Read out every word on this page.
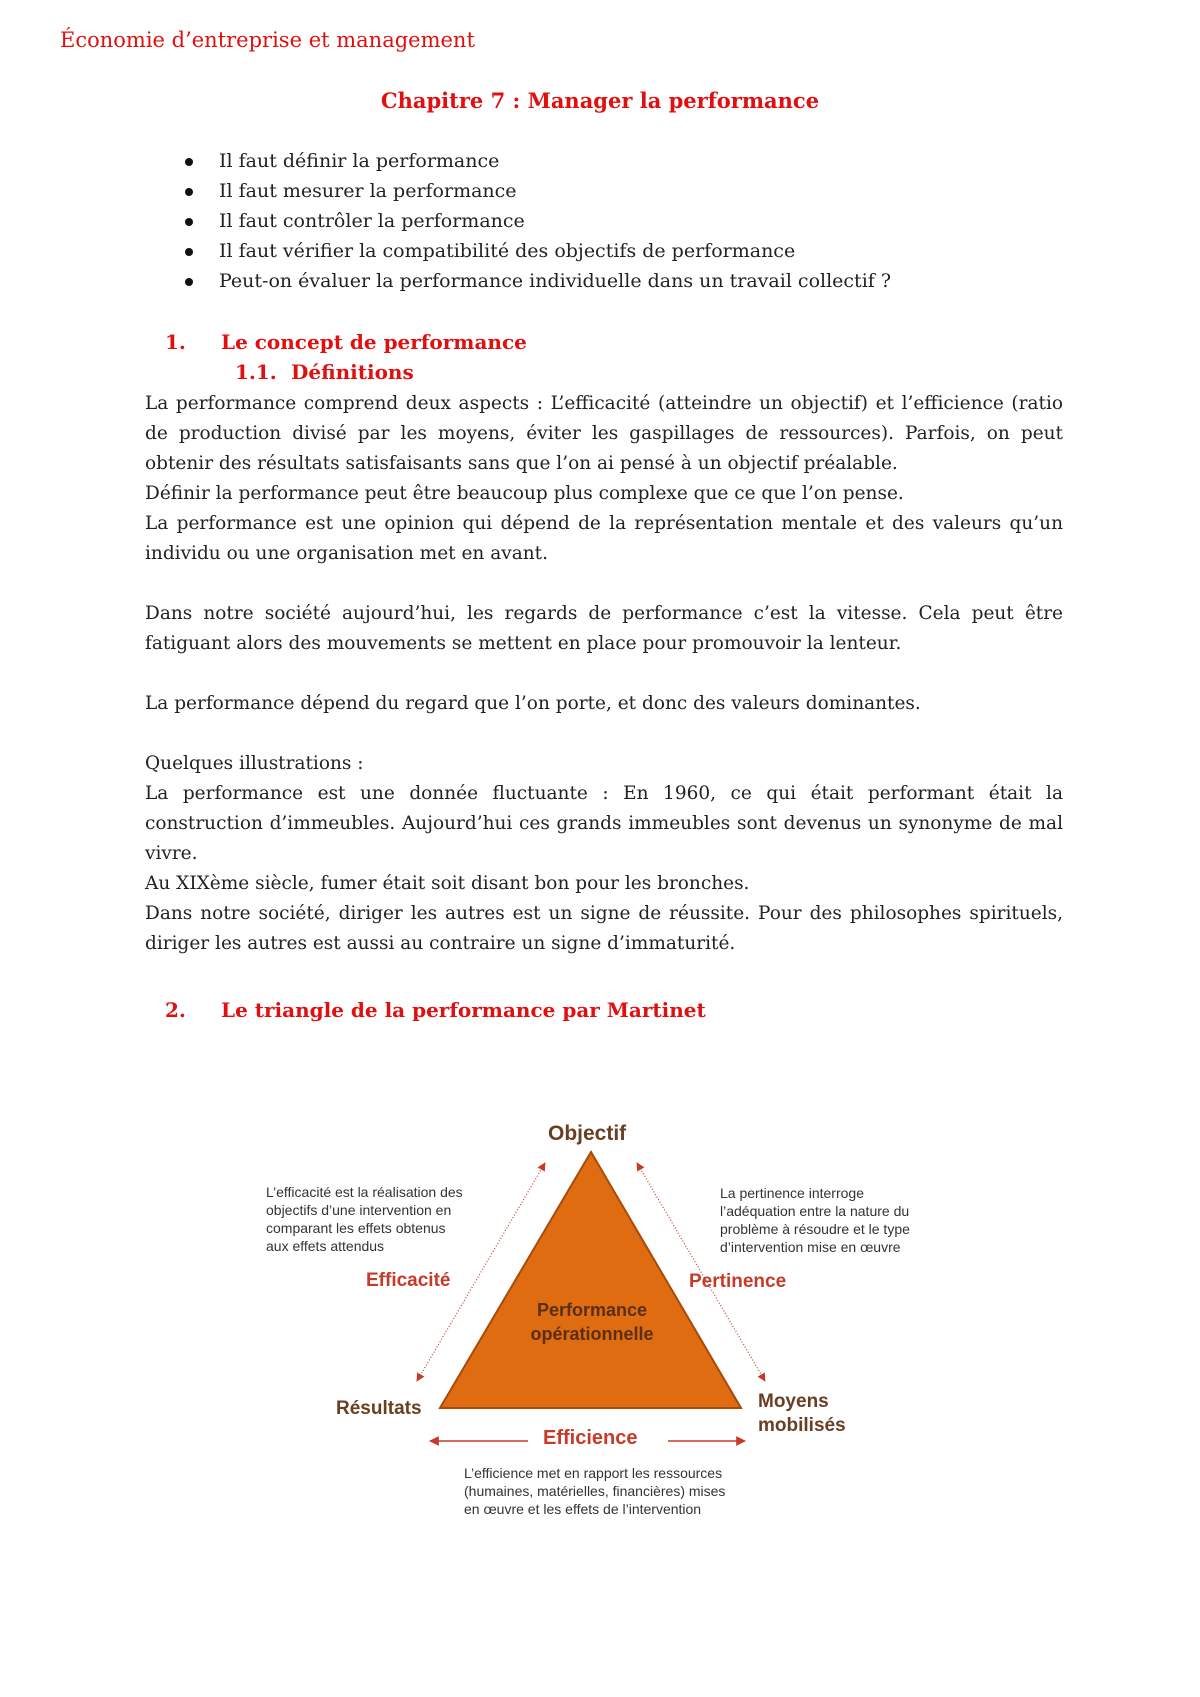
Économie d’entreprise et management
Chapitre 7 : Manager la performance
Il faut définir la performance
Il faut mesurer la performance
Il faut contrôler la performance
Il faut vérifier la compatibilité des objectifs de performance
Peut-on évaluer la performance individuelle dans un travail collectif ?
1. Le concept de performance
1.1. Définitions

La performance comprend deux aspects : L’efficacité (atteindre un objectif) et l’efficience (ratio de production divisé par les moyens, éviter les gaspillages de ressources). Parfois, on peut obtenir des résultats satisfaisants sans que l’on ai pensé à un objectif préalable.

Définir la performance peut être beaucoup plus complexe que ce que l’on pense.

La performance est une opinion qui dépend de la représentation mentale et des valeurs qu’un individu ou une organisation met en avant.

Dans notre société aujourd’hui, les regards de performance c’est la vitesse. Cela peut être fatiguant alors des mouvements se mettent en place pour promouvoir la lenteur.

La performance dépend du regard que l’on porte, et donc des valeurs dominantes.

Quelques illustrations :

La performance est une donnée fluctuante : En 1960, ce qui était performant était la construction d’immeubles. Aujourd’hui ces grands immeubles sont devenus un synonyme de mal vivre.

Au XIXème siècle, fumer était soit disant bon pour les bronches.

Dans notre société, diriger les autres est un signe de réussite. Pour des philosophes spirituels, diriger les autres est aussi au contraire un signe d’immaturité.

2. Le triangle de la performance par Martinet
Objectif
Performance
opérationnelle
Efficacité	Pertinence
Efficience
Résultats	Moyens
mobilisés
L’efficacité est la réalisation des
objectifs d’une intervention en
comparant les effets obtenus
aux effets attendus
La pertinence interroge
l’adéquation entre la nature du
problème à résoudre et le type
d’intervention mise en œuvre
L’efficience met en rapport les ressources
(humaines, matérielles, financières) mises
en œuvre et les effets de l’intervention
